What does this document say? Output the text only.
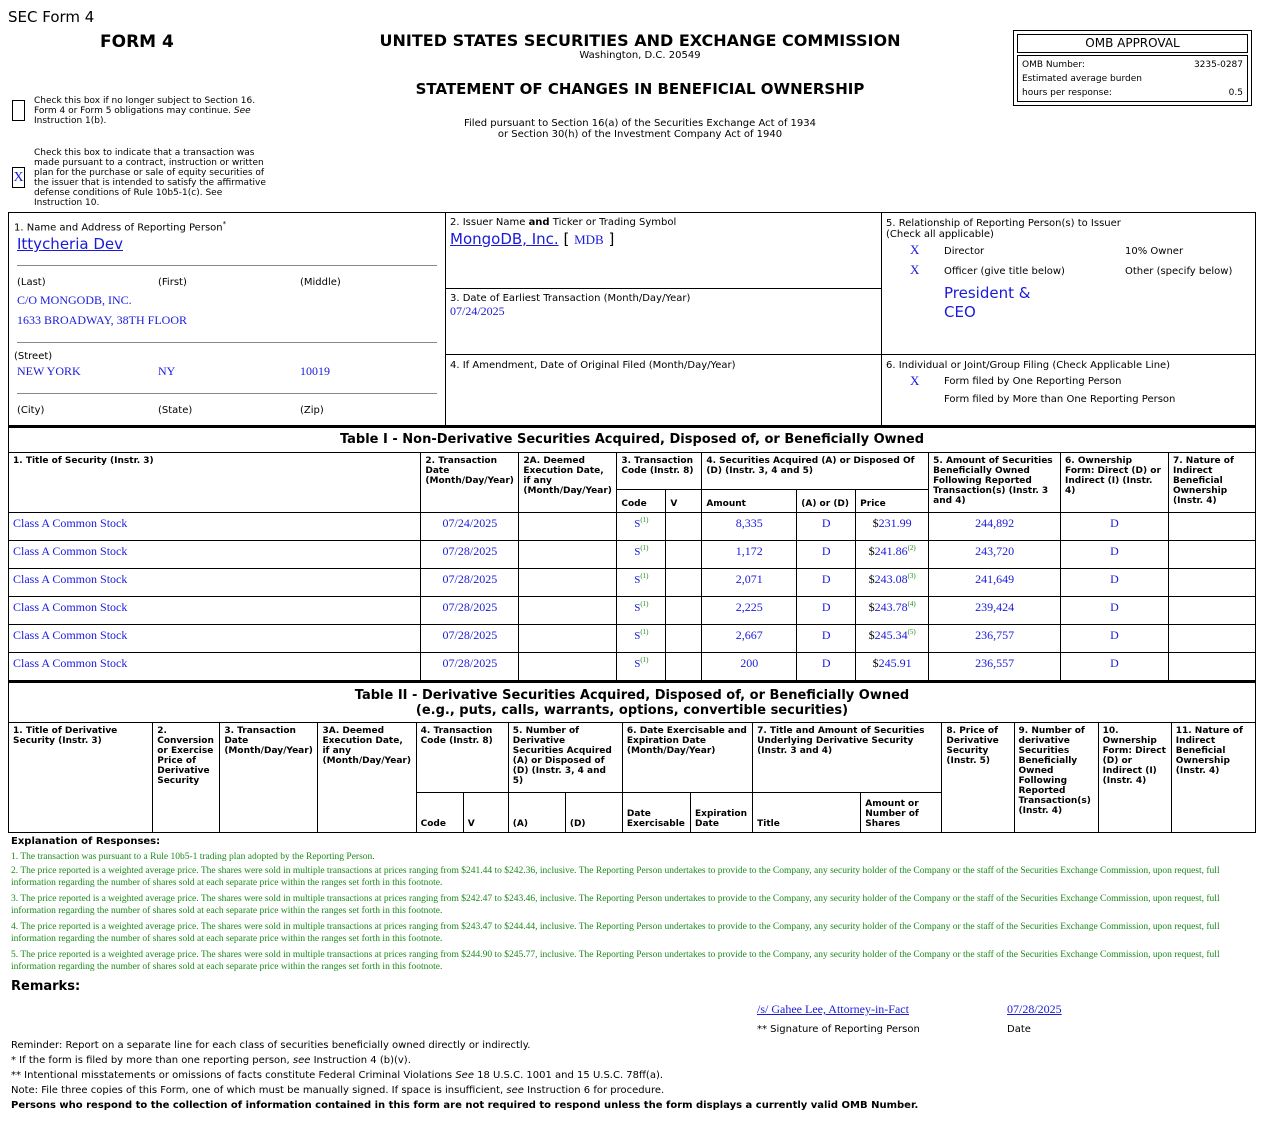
SEC Form 4
FORM 4	UNITED STATES SECURITIES AND EXCHANGE COMMISSION
Washington, D.C. 20549
STATEMENT OF CHANGES IN BENEFICIAL OWNERSHIP
Filed pursuant to Section 16(a) of the Securities Exchange Act of 1934
or Section 30(h) of the Investment Company Act of 1940
OMB APPROVAL
OMB Number:	3235-0287
Estimated average burden
hours per response:	0.5
Check this box if no longer subject to Section 16. Form 4 or Form 5 obligations may continue. See Instruction 1(b).
X
Check this box to indicate that a transaction was made pursuant to a contract, instruction or written plan for the purchase or sale of equity securities of the issuer that is intended to satisfy the affirmative defense conditions of Rule 10b5-1(c). See Instruction 10.
1. Name and Address of Reporting Person*
Ittycheria Dev
(Last)	(First)	(Middle)
C/O MONGODB, INC.
1633 BROADWAY, 38TH FLOOR
(Street)
NEW YORK	NY	10019
(City)	(State)	(Zip)
2. Issuer Name and Ticker or Trading Symbol
MongoDB, Inc. [ MDB ]
3. Date of Earliest Transaction (Month/Day/Year)
07/24/2025
4. If Amendment, Date of Original Filed (Month/Day/Year)
5. Relationship of Reporting Person(s) to Issuer
(Check all applicable)
X Director	10% Owner
X Officer (give title below)	Other (specify below)
President &
CEO
6. Individual or Joint/Group Filing (Check Applicable Line)
X Form filed by One Reporting Person
Form filed by More than One Reporting Person
Table I - Non-Derivative Securities Acquired, Disposed of, or Beneficially Owned
1. Title of Security (Instr. 3)	2. Transaction Date (Month/Day/Year)	2A. Deemed Execution Date, if any (Month/Day/Year)	3. Transaction Code (Instr. 8)		4. Securities Acquired (A) or Disposed Of (D) (Instr. 3, 4 and 5)			5. Amount of Securities Beneficially Owned Following Reported Transaction(s) (Instr. 3 and 4)	6. Ownership Form: Direct (D) or Indirect (I) (Instr. 4)	7. Nature of Indirect Beneficial Ownership (Instr. 4)
			Code	V	Amount	(A) or (D)	Price			
Class A Common Stock	07/24/2025		S$^{(1)}$		8,335	D	$231.99	244,892	D	
Class A Common Stock	07/28/2025		S$^{(1)}$		1,172	D	$241.86$^{(2)}$	243,720	D	
Class A Common Stock	07/28/2025		S$^{(1)}$		2,071	D	$243.08$^{(3)}$	241,649	D	
Class A Common Stock	07/28/2025		S$^{(1)}$		2,225	D	$243.78$^{(4)}$	239,424	D	
Class A Common Stock	07/28/2025		S$^{(1)}$		2,667	D	$245.34$^{(5)}$	236,757	D	
Class A Common Stock	07/28/2025		S$^{(1)}$		200	D	$245.91	236,557	D	
Table II - Derivative Securities Acquired, Disposed of, or Beneficially Owned
(e.g., puts, calls, warrants, options, convertible securities)
1. Title of Derivative Security (Instr. 3)	2. Conversion or Exercise Price of Derivative Security	3. Transaction Date (Month/Day/Year)	3A. Deemed Execution Date, if any (Month/Day/Year)	4. Transaction Code (Instr. 8)		5. Number of Derivative Securities Acquired (A) or Disposed of (D) (Instr. 3, 4 and 5)		6. Date Exercisable and Expiration Date (Month/Day/Year)		7. Title and Amount of Securities Underlying Derivative Security (Instr. 3 and 4)		8. Price of Derivative Security (Instr. 5)	9. Number of derivative Securities Beneficially Owned Following Reported Transaction(s) (Instr. 4)	10. Ownership Form: Direct (D) or Indirect (I) (Instr. 4)	11. Nature of Indirect Beneficial Ownership (Instr. 4)
				Code	V	(A)	(D)	Date Exercisable	Expiration Date	Title	Amount or Number of Shares				
Explanation of Responses:
1. The transaction was pursuant to a Rule 10b5-1 trading plan adopted by the Reporting Person.
2. The price reported is a weighted average price. The shares were sold in multiple transactions at prices ranging from $241.44 to $242.36, inclusive. The Reporting Person undertakes to provide to the Company, any security holder of the Company or the staff of the Securities Exchange Commission, upon request, full information regarding the number of shares sold at each separate price within the ranges set forth in this footnote.
3. The price reported is a weighted average price. The shares were sold in multiple transactions at prices ranging from $242.47 to $243.46, inclusive. The Reporting Person undertakes to provide to the Company, any security holder of the Company or the staff of the Securities Exchange Commission, upon request, full information regarding the number of shares sold at each separate price within the ranges set forth in this footnote.
4. The price reported is a weighted average price. The shares were sold in multiple transactions at prices ranging from $243.47 to $244.44, inclusive. The Reporting Person undertakes to provide to the Company, any security holder of the Company or the staff of the Securities Exchange Commission, upon request, full information regarding the number of shares sold at each separate price within the ranges set forth in this footnote.
5. The price reported is a weighted average price. The shares were sold in multiple transactions at prices ranging from $244.90 to $245.77, inclusive. The Reporting Person undertakes to provide to the Company, any security holder of the Company or the staff of the Securities Exchange Commission, upon request, full information regarding the number of shares sold at each separate price within the ranges set forth in this footnote.
Remarks:
/s/ Gahee Lee, Attorney-in-Fact	07/28/2025
** Signature of Reporting Person	Date
Reminder: Report on a separate line for each class of securities beneficially owned directly or indirectly.
* If the form is filed by more than one reporting person, see Instruction 4 (b)(v).
** Intentional misstatements or omissions of facts constitute Federal Criminal Violations See 18 U.S.C. 1001 and 15 U.S.C. 78ff(a).
Note: File three copies of this Form, one of which must be manually signed. If space is insufficient, see Instruction 6 for procedure.
Persons who respond to the collection of information contained in this form are not required to respond unless the form displays a currently valid OMB Number.
